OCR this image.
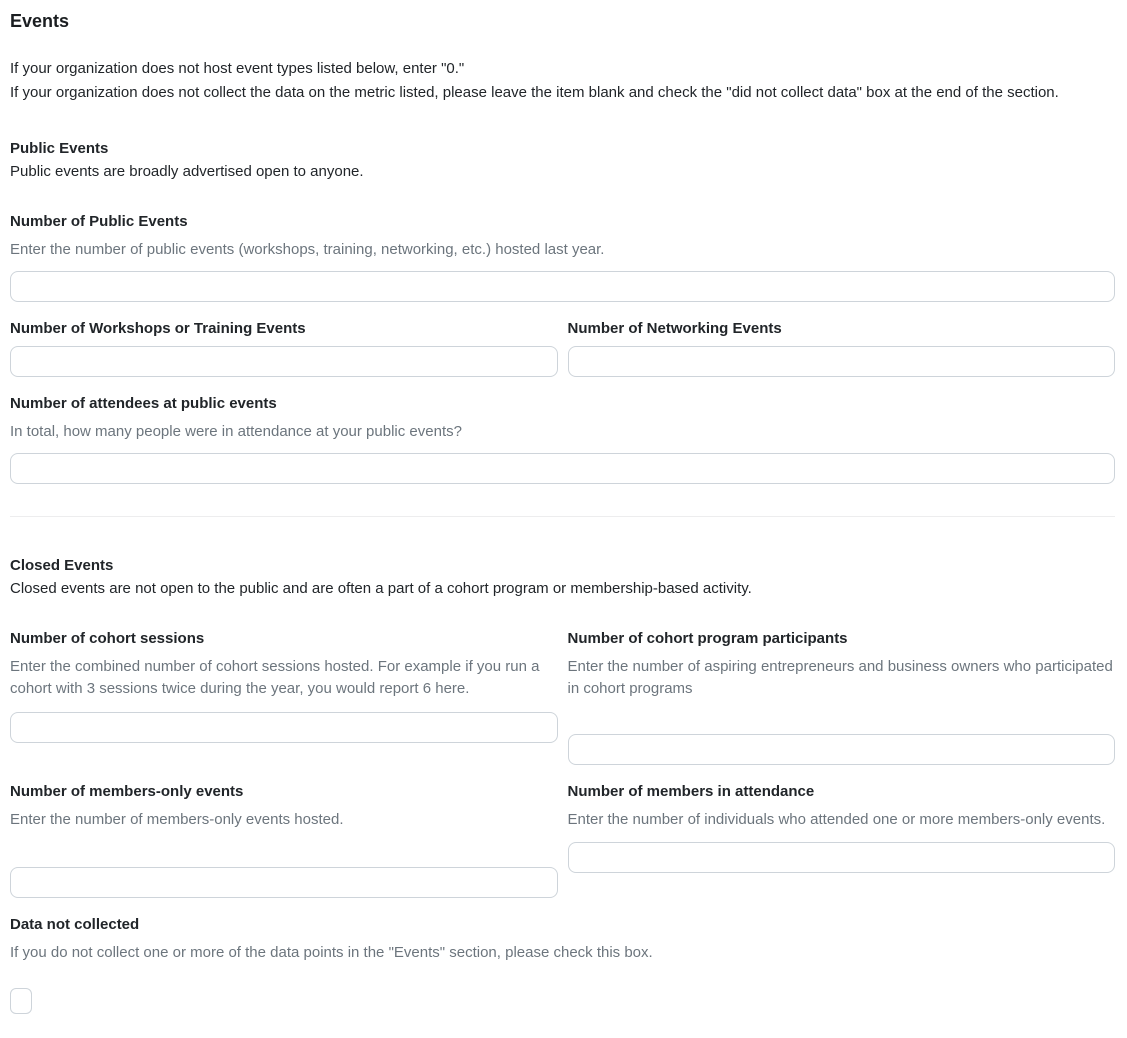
Events

If your organization does not host event types listed below, enter "0."

If your organization does not collect the data on the metric listed, please leave the item blank and check the "did not collect data" box at the end of the section.

Public Events

Public events are broadly advertised open to anyone.

Number of Public Events

Enter the number of public events (workshops, training, networking, etc.) hosted last year.

Number of Workshops or Training Events	Number of Networking Events

Number of attendees at public events

In total, how many people were in attendance at your public events?

Closed Events

Closed events are not open to the public and are often a part of a cohort program or membership-based activity.

Number of cohort sessions

Enter the combined number of cohort sessions hosted. For example if you run a cohort with 3 sessions twice during the year, you would report 6 here.

Number of cohort program participants

Enter the number of aspiring entrepreneurs and business owners who participated in cohort programs

Number of members-only events

Enter the number of members-only events hosted.

Number of members in attendance

Enter the number of individuals who attended one or more members-only events.

Data not collected

If you do not collect one or more of the data points in the "Events" section, please check this box.
